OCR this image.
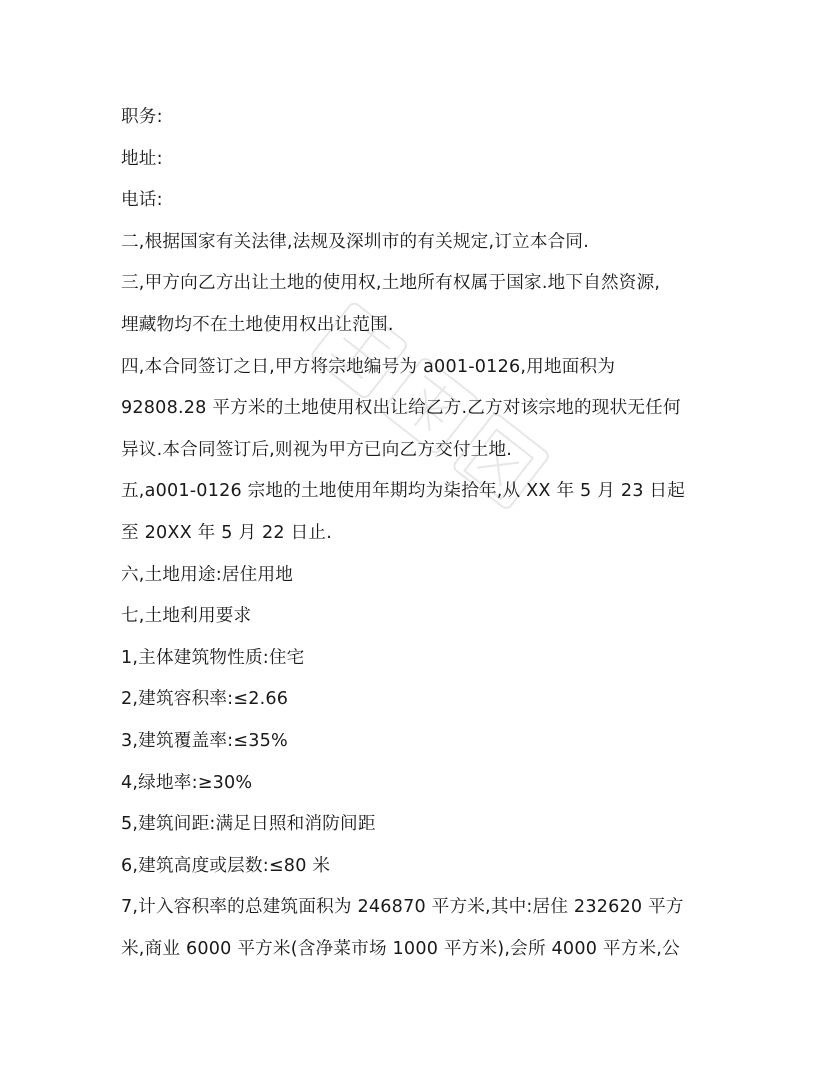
职务:
地址:
电话:
二,根据国家有关法律,法规及深圳市的有关规定,订立本合同.
三,甲方向乙方出让土地的使用权,土地所有权属于国家.地下自然资源,
埋藏物均不在土地使用权出让范围.
四,本合同签订之日,甲方将宗地编号为 a001-0126,用地面积为
92808.28 平方米的土地使用权出让给乙方.乙方对该宗地的现状无任何
异议.本合同签订后,则视为甲方已向乙方交付土地.
五,a001-0126 宗地的土地使用年期均为柒拾年,从 XX 年 5 月 23 日起
至 20XX 年 5 月 22 日止.
六,土地用途:居住用地
七,土地利用要求
1,主体建筑物性质:住宅
2,建筑容积率:≤2.66
3,建筑覆盖率:≤35%
4,绿地率:≥30%
5,建筑间距:满足日照和消防间距
6,建筑高度或层数:≤80 米
7,计入容积率的总建筑面积为 246870 平方米,其中:居住 232620 平方
米,商业 6000 平方米(含净菜市场 1000 平方米),会所 4000 平方米,公
